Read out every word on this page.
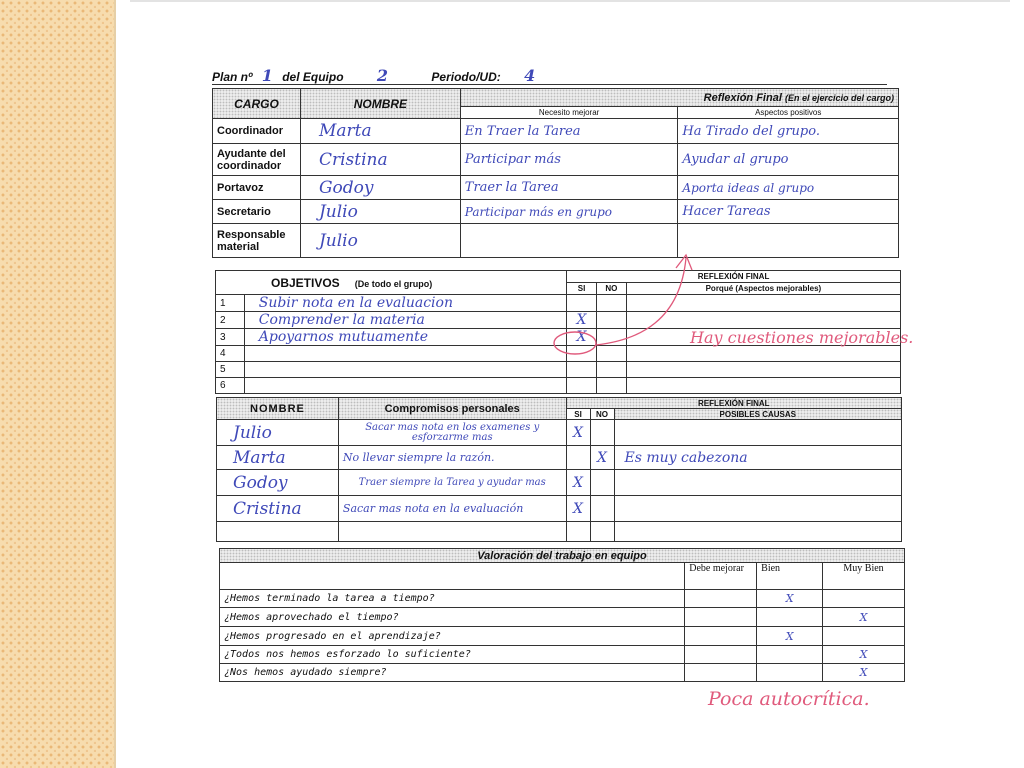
Plan nº 1 del Equipo 2	Periodo/UD: 4
CARGO	NOMBRE	Reflexión Final (En el ejercicio del cargo)	
		Necesito mejorar	Aspectos positivos
Coordinador	Marta	En Traer la Tarea	Ha Tirado del grupo.
Ayudante del coordinador	Cristina	Participar más	Ayudar al grupo
Portavoz	Godoy	Traer la Tarea	Aporta ideas al grupo
Secretario	Julio	Participar más en grupo	Hacer Tareas
Responsable material	Julio		
OBJETIVOS (De todo el grupo)		REFLEXIÓN FINAL		
		SI	NO	Porqué (Aspectos mejorables)
1	Subir nota en la evaluacion			
2	Comprender la materia	X		
3	Apoyarnos mutuamente	X		
4				
5				
6				
Hay cuestiones mejorables.
NOMBRE	Compromisos personales	REFLEXIÓN FINAL		
		SI	NO	POSIBLES CAUSAS
Julio	Sacar mas nota en los examenes y esforzarme mas	X		
Marta	No llevar siempre la razón.		X	Es muy cabezona
Godoy	Traer siempre la Tarea y ayudar mas	X		
Cristina	Sacar mas nota en la evaluación	X		

Valoración del trabajo en equipo			
	Debe mejorar	Bien	Muy Bien
¿Hemos terminado la tarea a tiempo?		X	
¿Hemos aprovechado el tiempo?			X
¿Hemos progresado en el aprendizaje?		X	
¿Todos nos hemos esforzado lo suficiente?			X
¿Nos hemos ayudado siempre?			X
Poca autocrítica.
